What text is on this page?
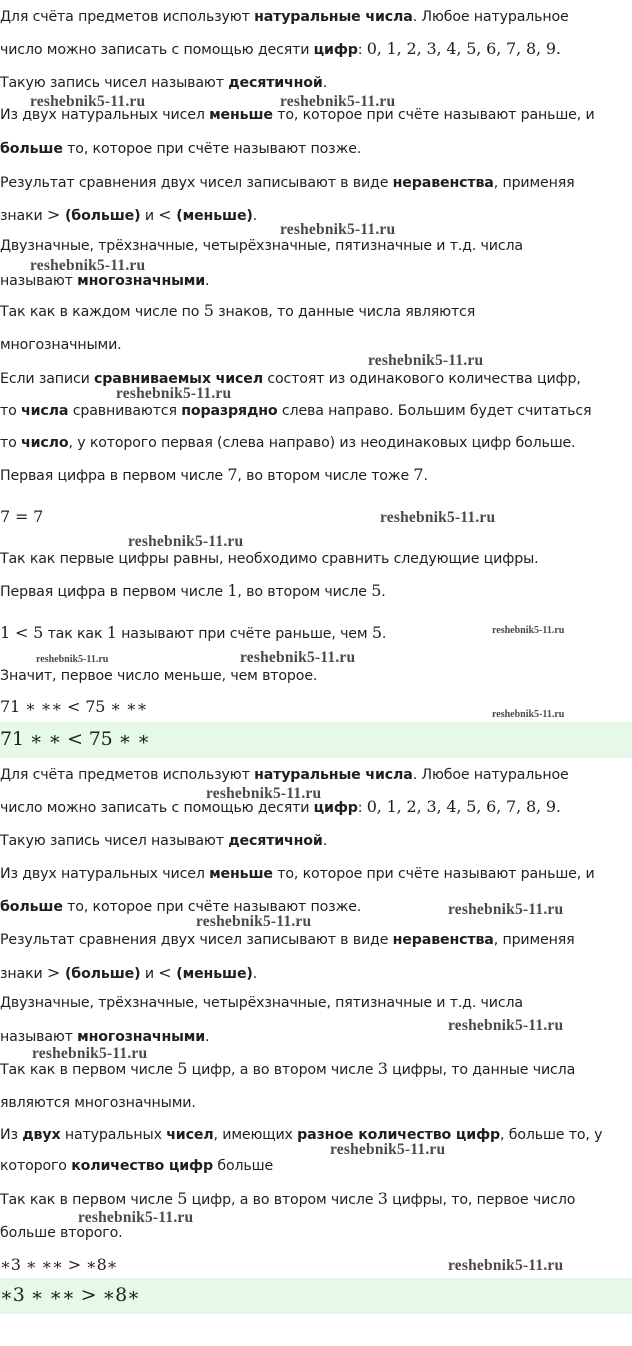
Для счёта предметов используют натуральные числа. Любое натуральное
число можно записать с помощью десяти цифр: 0, 1, 2, 3, 4, 5, 6, 7, 8, 9.
Такую запись чисел называют десятичной.
Из двух натуральных чисел меньше то, которое при счёте называют раньше, и
больше то, которое при счёте называют позже.
Результат сравнения двух чисел записывают в виде неравенства, применяя
знаки > (больше) и < (меньше).
Двузначные, трёхзначные, четырёхзначные, пятизначные и т.д. числа
называют многозначными.
Так как в каждом числе по 5 знаков, то данные числа являются
многозначными.
Если записи сравниваемых чисел состоят из одинакового количества цифр,
то числа сравниваются поразрядно слева направо. Большим будет считаться
то число, у которого первая (слева направо) из неодинаковых цифр больше.
Первая цифра в первом числе 7, во втором числе тоже 7.
7 = 7
Так как первые цифры равны, необходимо сравнить следующие цифры.
Первая цифра в первом числе 1, во втором числе 5.
1 < 5 так как 1 называют при счёте раньше, чем 5.
Значит, первое число меньше, чем второе.
71 ∗ ∗∗ < 75 ∗ ∗∗
71 ∗ ∗ < 75 ∗ ∗
Для счёта предметов используют натуральные числа. Любое натуральное
число можно записать с помощью десяти цифр: 0, 1, 2, 3, 4, 5, 6, 7, 8, 9.
Такую запись чисел называют десятичной.
Из двух натуральных чисел меньше то, которое при счёте называют раньше, и
больше то, которое при счёте называют позже.
Результат сравнения двух чисел записывают в виде неравенства, применяя
знаки > (больше) и < (меньше).
Двузначные, трёхзначные, четырёхзначные, пятизначные и т.д. числа
называют многозначными.
Так как в первом числе 5 цифр, а во втором числе 3 цифры, то данные числа
являются многозначными.
Из двух натуральных чисел, имеющих разное количество цифр, больше то, у
которого количество цифр больше
Так как в первом числе 5 цифр, а во втором числе 3 цифры, то, первое число
больше второго.
∗3 ∗ ∗∗ > ∗8∗
∗3 ∗ ∗∗ > ∗8∗
reshebnik5-11.ru	reshebnik5-11.ru
reshebnik5-11.ru
reshebnik5-11.ru
reshebnik5-11.ru
reshebnik5-11.ru
reshebnik5-11.ru
reshebnik5-11.ru
reshebnik5-11.ru
reshebnik5-11.ru	reshebnik5-11.ru
reshebnik5-11.ru
reshebnik5-11.ru
reshebnik5-11.ru
reshebnik5-11.ru
reshebnik5-11.ru
reshebnik5-11.ru
reshebnik5-11.ru
reshebnik5-11.ru
reshebnik5-11.ru
